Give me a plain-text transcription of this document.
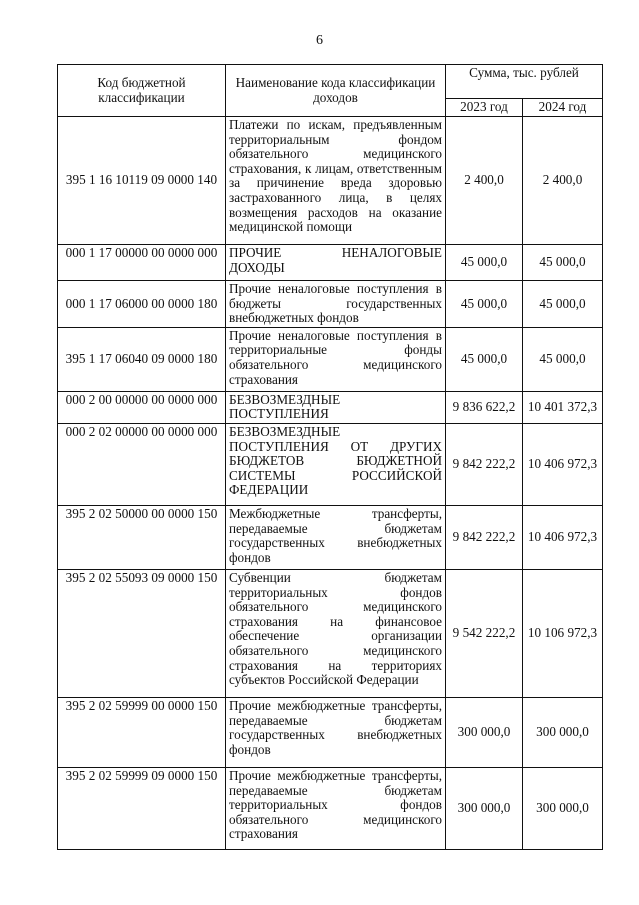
6
Код бюджетной классификации	Наименование кода классификации доходов	Сумма, тыс. рублей	
		2023 год	2024 год
395 1 16 10119 09 0000 140	Платежи по искам, предъявленным территориальным фондом обязательного медицинского страхования, к лицам, ответственным за причинение вреда здоровью застрахованного лица, в целях возмещения расходов на оказание медицинской помощи	2 400,0	2 400,0
000 1 17 00000 00 0000 000	ПРОЧИЕ НЕНАЛОГОВЫЕ ДОХОДЫ	45 000,0	45 000,0
000 1 17 06000 00 0000 180	Прочие неналоговые поступления в бюджеты государственных внебюджетных фондов	45 000,0	45 000,0
395 1 17 06040 09 0000 180	Прочие неналоговые поступления в территориальные фонды обязательного медицинского страхования	45 000,0	45 000,0
000 2 00 00000 00 0000 000	БЕЗВОЗМЕЗДНЫЕ ПОСТУПЛЕНИЯ	9 836 622,2	10 401 372,3
000 2 02 00000 00 0000 000	БЕЗВОЗМЕЗДНЫЕ ПОСТУПЛЕНИЯ ОТ ДРУГИХ БЮДЖЕТОВ БЮДЖЕТНОЙ СИСТЕМЫ РОССИЙСКОЙ ФЕДЕРАЦИИ	9 842 222,2	10 406 972,3
395 2 02 50000 00 0000 150	Межбюджетные трансферты, передаваемые бюджетам государственных внебюджетных фондов	9 842 222,2	10 406 972,3
395 2 02 55093 09 0000 150	Субвенции бюджетам территориальных фондов обязательного медицинского страхования на финансовое обеспечение организации обязательного медицинского страхования на территориях субъектов Российской Федерации	9 542 222,2	10 106 972,3
395 2 02 59999 00 0000 150	Прочие межбюджетные трансферты, передаваемые бюджетам государственных внебюджетных фондов	300 000,0	300 000,0
395 2 02 59999 09 0000 150	Прочие межбюджетные трансферты, передаваемые бюджетам территориальных фондов обязательного медицинского страхования	300 000,0	300 000,0
